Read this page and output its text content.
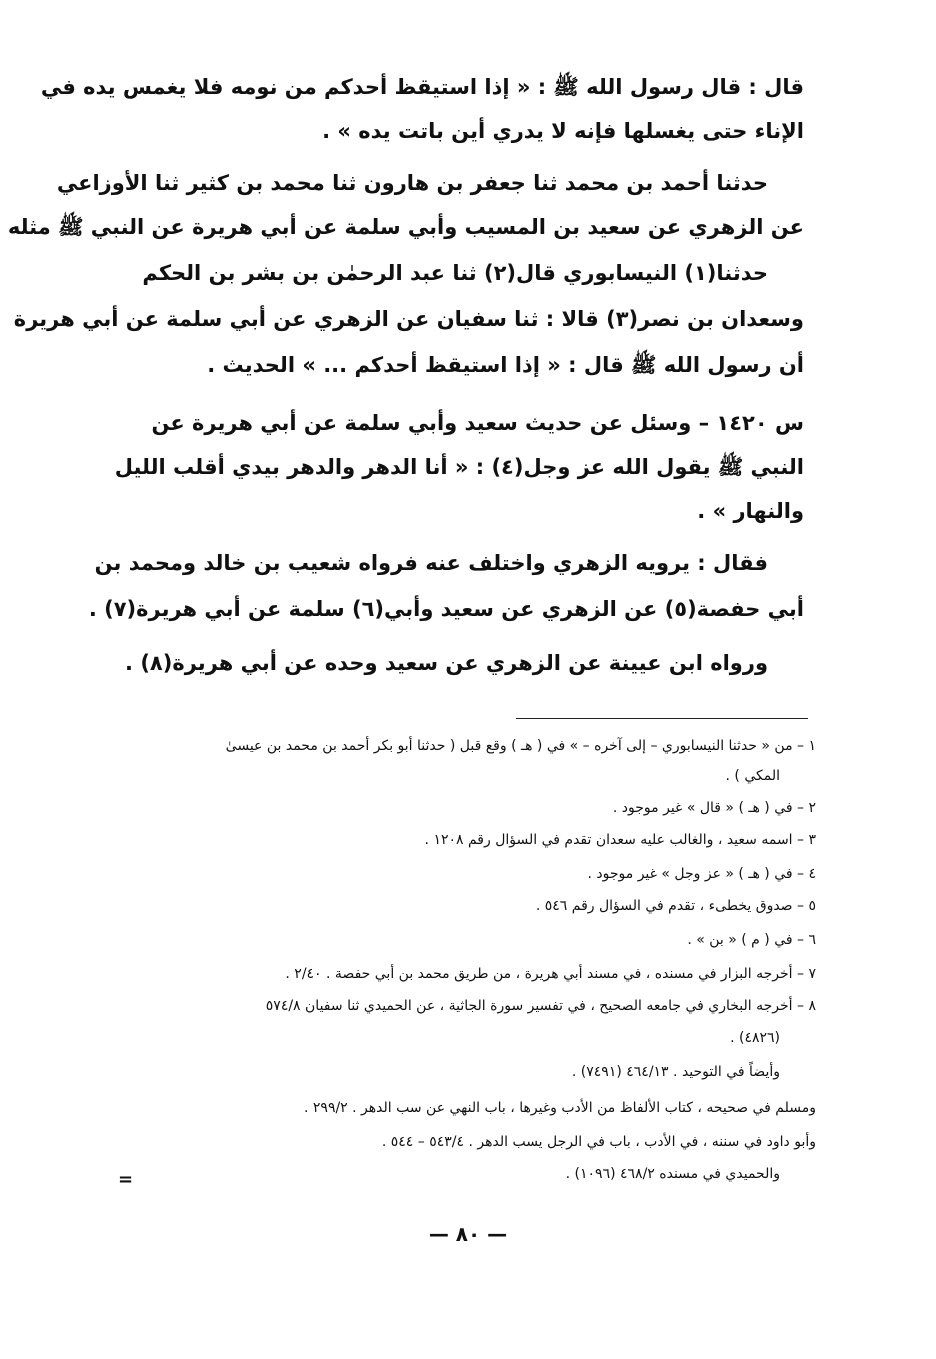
قال : قال رسول الله ﷺ : « إذا استيقظ أحدكم من نومه فلا يغمس يده في
الإناء حتى يغسلها فإنه لا يدري أين باتت يده » .
حدثنا أحمد بن محمد ثنا جعفر بن هارون ثنا محمد بن كثير ثنا الأوزاعي
عن الزهري عن سعيد بن المسيب وأبي سلمة عن أبي هريرة عن النبي ﷺ مثله
حدثنا(١) النيسابوري قال(٢) ثنا عبد الرحمٰن بن بشر بن الحكم
وسعدان بن نصر(٣) قالا : ثنا سفيان عن الزهري عن أبي سلمة عن أبي هريرة
أن رسول الله ﷺ قال : « إذا استيقظ أحدكم ... » الحديث .
س ١٤٢٠ – وسئل عن حديث سعيد وأبي سلمة عن أبي هريرة عن
النبي ﷺ يقول الله عز وجل(٤) : « أنا الدهر والدهر بيدي أقلب الليل
والنهار » .
فقال : يرويه الزهري واختلف عنه فرواه شعيب بن خالد ومحمد بن
أبي حفصة(٥) عن الزهري عن سعيد وأبي(٦) سلمة عن أبي هريرة(٧) .
ورواه ابن عيينة عن الزهري عن سعيد وحده عن أبي هريرة(٨) .
١ – من « حدثنا النيسابوري – إلى آخره – » في ( هـ ) وقع قبل ( حدثنا أبو بكر أحمد بن محمد بن عيسىٰ
المكي ) .
٢ – في ( هـ ) « قال » غير موجود .
٣ – اسمه سعيد ، والغالب عليه سعدان تقدم في السؤال رقم ١٢٠٨ .
٤ – في ( هـ ) « عز وجل » غير موجود .
٥ – صدوق يخطىء ، تقدم في السؤال رقم ٥٤٦ .
٦ – في ( م ) « بن » .
٧ – أخرجه البزار في مسنده ، في مسند أبي هريرة ، من طريق محمد بن أبي حفصة . ٢/٤٠ .
٨ – أخرجه البخاري في جامعه الصحيح ، في تفسير سورة الجاثية ، عن الحميدي ثنا سفيان ٥٧٤/٨
(٤٨٢٦) .
وأيضاً في التوحيد . ٤٦٤/١٣ (٧٤٩١) .
ومسلم في صحيحه ، كتاب الألفاظ من الأدب وغيرها ، باب النهي عن سب الدهر . ٢٩٩/٢ .
وأبو داود في سننه ، في الأدب ، باب في الرجل يسب الدهر . ٥٤٣/٤ – ٥٤٤ .
والحميدي في مسنده ٤٦٨/٢ (١٠٩٦) .
=
— ٨٠ —
